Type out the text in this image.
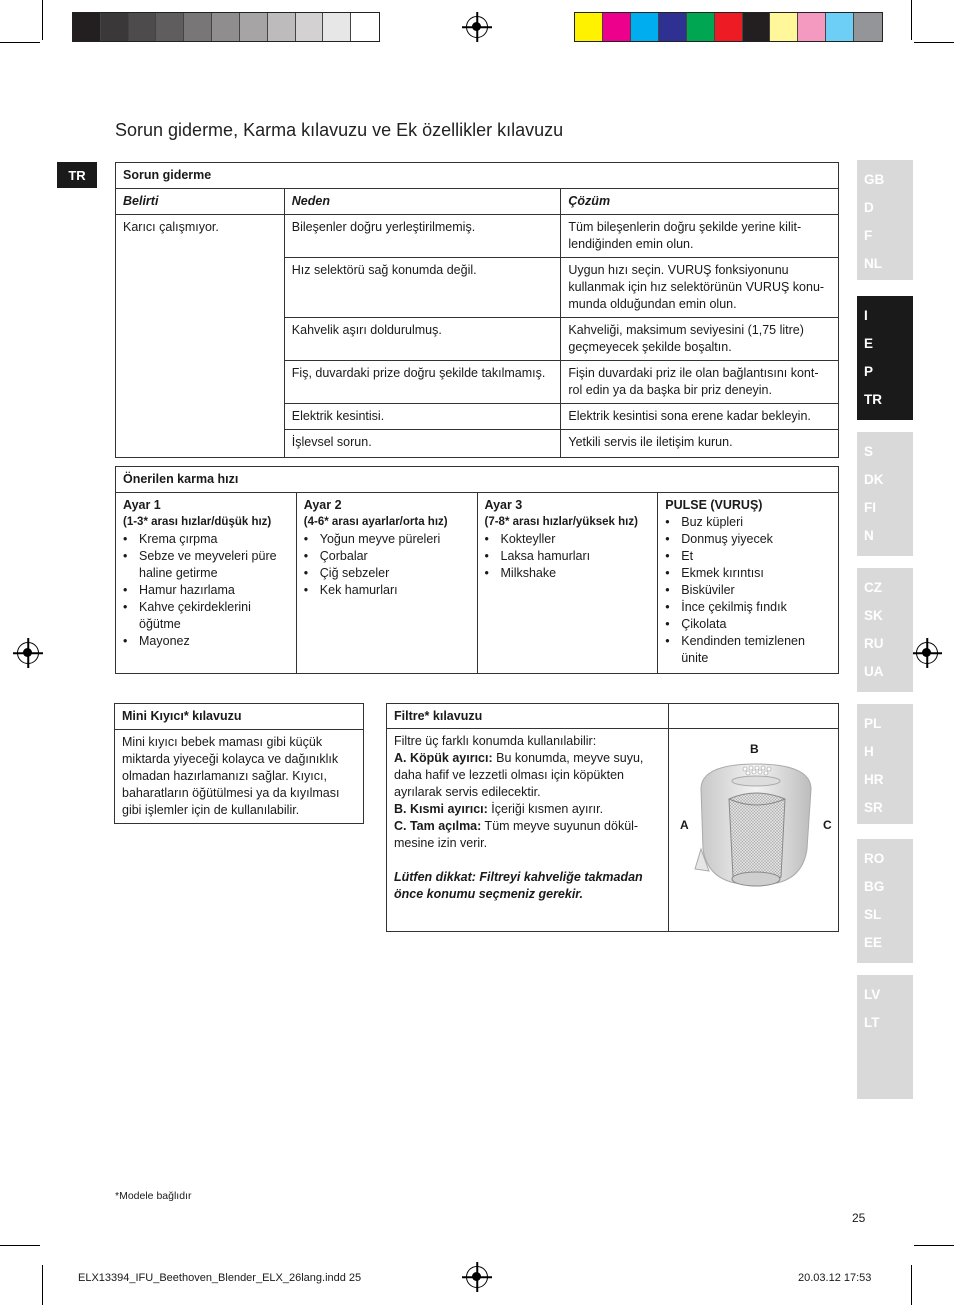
Sorun giderme, Karma kılavuzu ve Ek özellikler kılavuzu
TR	GB
D
F
NL
I
E
P
TR
S
DK
FI
N
CZ
SK
RU
UA
PL
H
HR
SR
RO
BG
SL
EE
LV
LT
Sorun giderme		
Belirti	Neden	Çözüm
Karıcı çalışmıyor.	Bileşenler doğru yerleştirilmemiş.	Tüm bileşenlerin doğru şekilde yerine kilit-lendiğinden emin olun.
	Hız selektörü sağ konumda değil.	Uygun hızı seçin. VURUŞ fonksiyonunu kullanmak için hız selektörünün VURUŞ konu-munda olduğundan emin olun.
	Kahvelik aşırı doldurulmuş.	Kahveliği, maksimum seviyesini (1,75 litre) geçmeyecek şekilde boşaltın.
	Fiş, duvardaki prize doğru şekilde takılmamış.	Fişin duvardaki priz ile olan bağlantısını kont-rol edin ya da başka bir priz deneyin.
	Elektrik kesintisi.	Elektrik kesintisi sona erene kadar bekleyin.
	İşlevsel sorun.	Yetkili servis ile iletişim kurun.
Önerilen karma hızı

Ayar 1
(1-3* arası hızlar/düşük hız)
• Krema çırpma
• Sebze ve meyveleri püre haline getirme
• Hamur hazırlama
• Kahve çekirdeklerini öğütme
• Mayonez

Ayar 2
(4-6* arası ayarlar/orta hız)
• Yoğun meyve püreleri
• Çorbalar
• Çiğ sebzeler
• Kek hamurları

Ayar 3
(7-8* arası hızlar/yüksek hız)
• Kokteyller
• Laksa hamurları
• Milkshake

PULSE (VURUŞ)
• Buz küpleri
• Donmuş yiyecek
• Et
• Ekmek kırıntısı
• Bisküviler
• İnce çekilmiş fındık
• Çikolata
• Kendinden temizlenen ünite
Mini Kıyıcı* kılavuzu
Mini kıyıcı bebek maması gibi küçük miktarda yiyeceği kolayca ve dağınıklık olmadan hazırlamanızı sağlar. Kıyıcı, baharatların öğütülmesi ya da kıyılması gibi işlemler için de kullanılabilir.
Filtre* kılavuzu
Filtre üç farklı konumda kullanılabilir:
A. Köpük ayırıcı: Bu konumda, meyve suyu, daha hafif ve lezzetli olması için köpükten ayrılarak servis edilecektir.
B. Kısmi ayırıcı: İçeriği kısmen ayırır.
C. Tam açılma: Tüm meyve suyunun dökül-mesine izin verir.
Lütfen dikkat: Filtreyi kahveliğe takmadan önce konumu seçmeniz gerekir.
B
A	C
*Modele bağlıdır
25
ELX13394_IFU_Beethoven_Blender_ELX_26lang.indd 25	20.03.12 17:53
